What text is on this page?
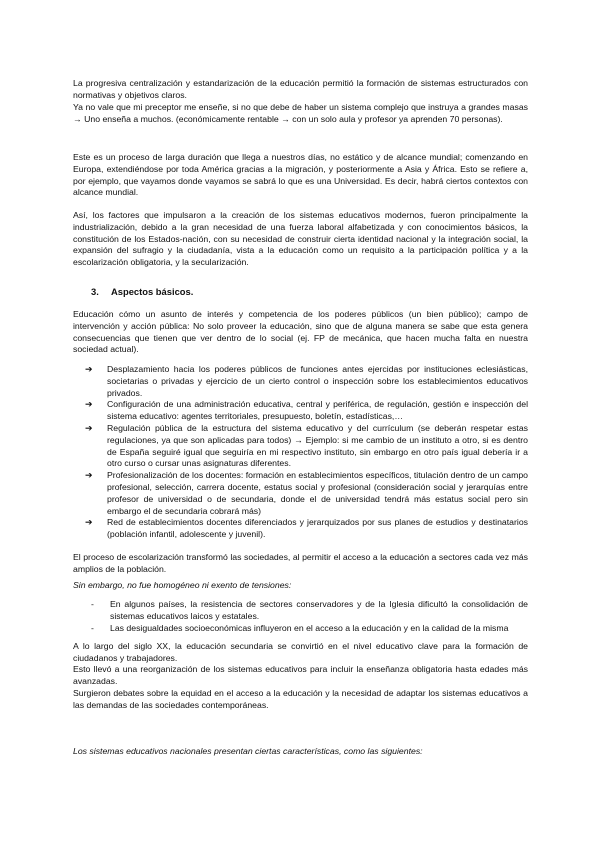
La progresiva centralización y estandarización de la educación permitió la formación de sistemas estructurados con normativas y objetivos claros.

Ya no vale que mi preceptor me enseñe, si no que debe de haber un sistema complejo que instruya a grandes masas → Uno enseña a muchos. (económicamente rentable → con un solo aula y profesor ya aprenden 70 personas).

Este es un proceso de larga duración que llega a nuestros días, no estático y de alcance mundial; comenzando en Europa, extendiéndose por toda América gracias a la migración, y posteriormente a Asia y África. Esto se refiere a, por ejemplo, que vayamos donde vayamos se sabrá lo que es una Universidad. Es decir, habrá ciertos contextos con alcance mundial.

Así, los factores que impulsaron a la creación de los sistemas educativos modernos, fueron principalmente la industrialización, debido a la gran necesidad de una fuerza laboral alfabetizada y con conocimientos básicos, la constitución de los Estados-nación, con su necesidad de construir cierta identidad nacional y la integración social, la expansión del sufragio y la ciudadanía, vista a la educación como un requisito a la participación política y a la escolarización obligatoria, y la secularización.

3. Aspectos básicos.

Educación cómo un asunto de interés y competencia de los poderes públicos (un bien público); campo de intervención y acción pública: No solo proveer la educación, sino que de alguna manera se sabe que esta genera consecuencias que tienen que ver dentro de lo social (ej. FP de mecánica, que hacen mucha falta en nuestra sociedad actual).

➔ Desplazamiento hacia los poderes públicos de funciones antes ejercidas por instituciones eclesiásticas, societarias o privadas y ejercicio de un cierto control o inspección sobre los establecimientos educativos privados.
➔ Configuración de una administración educativa, central y periférica, de regulación, gestión e inspección del sistema educativo: agentes territoriales, presupuesto, boletín, estadísticas,…
➔ Regulación pública de la estructura del sistema educativo y del currículum (se deberán respetar estas regulaciones, ya que son aplicadas para todos) → Ejemplo: si me cambio de un instituto a otro, si es dentro de España seguiré igual que seguiría en mi respectivo instituto, sin embargo en otro país igual debería ir a otro curso o cursar unas asignaturas diferentes.
➔ Profesionalización de los docentes: formación en establecimientos específicos, titulación dentro de un campo profesional, selección, carrera docente, estatus social y profesional (consideración social y jerarquías entre profesor de universidad o de secundaria, donde el de universidad tendrá más estatus social pero sin embargo el de secundaria cobrará más)
➔ Red de establecimientos docentes diferenciados y jerarquizados por sus planes de estudios y destinatarios (población infantil, adolescente y juvenil).

El proceso de escolarización transformó las sociedades, al permitir el acceso a la educación a sectores cada vez más amplios de la población.

Sin embargo, no fue homogéneo ni exento de tensiones:

- En algunos países, la resistencia de sectores conservadores y de la Iglesia dificultó la consolidación de sistemas educativos laicos y estatales.
- Las desigualdades socioeconómicas influyeron en el acceso a la educación y en la calidad de la misma

A lo largo del siglo XX, la educación secundaria se convirtió en el nivel educativo clave para la formación de ciudadanos y trabajadores.

Esto llevó a una reorganización de los sistemas educativos para incluir la enseñanza obligatoria hasta edades más avanzadas.

Surgieron debates sobre la equidad en el acceso a la educación y la necesidad de adaptar los sistemas educativos a las demandas de las sociedades contemporáneas.

Los sistemas educativos nacionales presentan ciertas características, como las siguientes:
